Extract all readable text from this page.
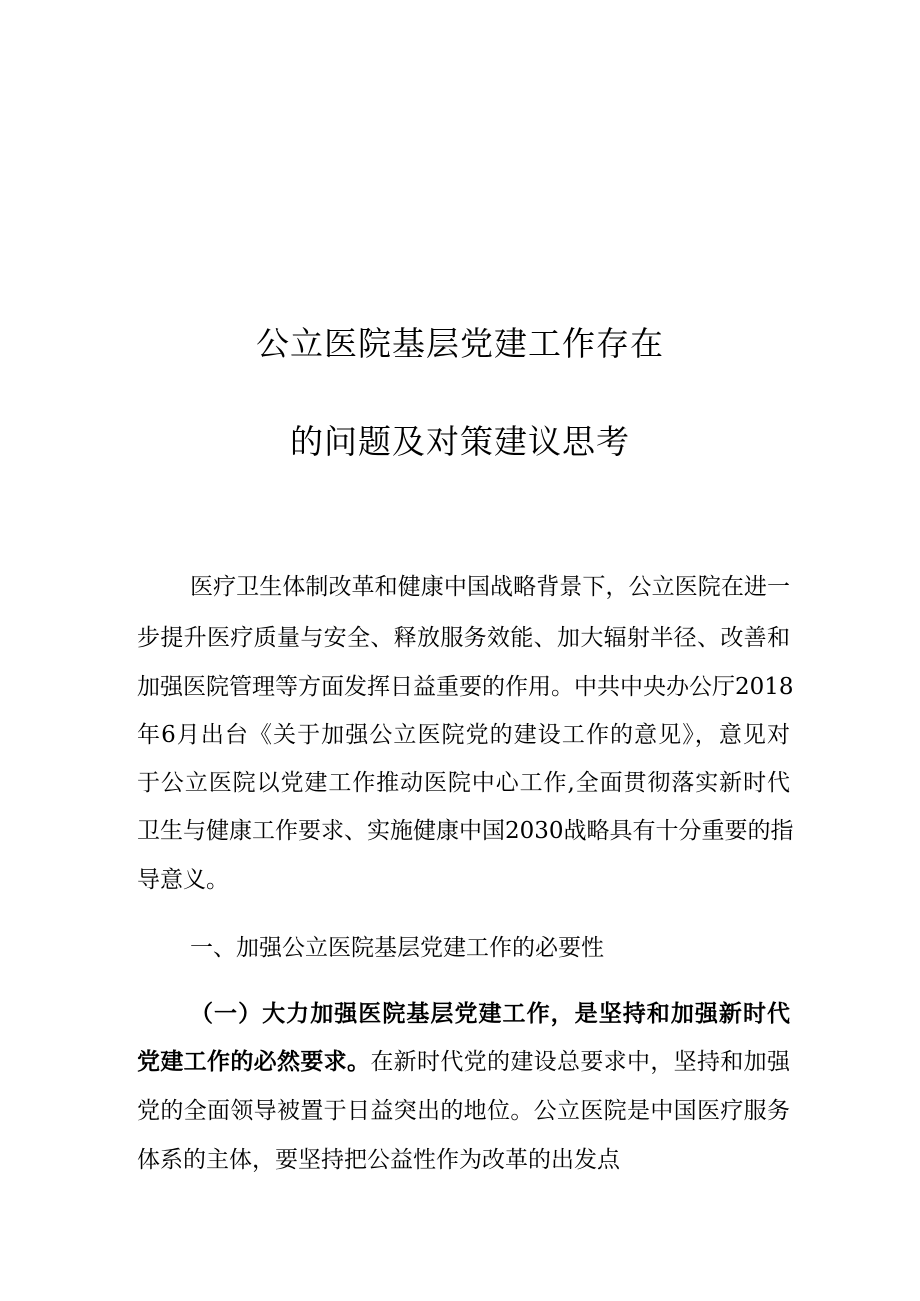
公立医院基层党建工作存在
的问题及对策建议思考
医疗卫生体制改革和健康中国战略背景下，公立医院在进一
步提升医疗质量与安全、释放服务效能、加大辐射半径、改善和
加强医院管理等方面发挥日益重要的作用。中共中央办公厅2018
年6月出台《关于加强公立医院党的建设工作的意见》，意见对
于公立医院以党建工作推动医院中心工作,全面贯彻落实新时代
卫生与健康工作要求、实施健康中国2030战略具有十分重要的指
导意义。
一、加强公立医院基层党建工作的必要性
（一）大力加强医院基层党建工作，是坚持和加强新时代
党建工作的必然要求。在新时代党的建设总要求中，坚持和加强
党的全面领导被置于日益突出的地位。公立医院是中国医疗服务
体系的主体，要坚持把公益性作为改革的出发点
